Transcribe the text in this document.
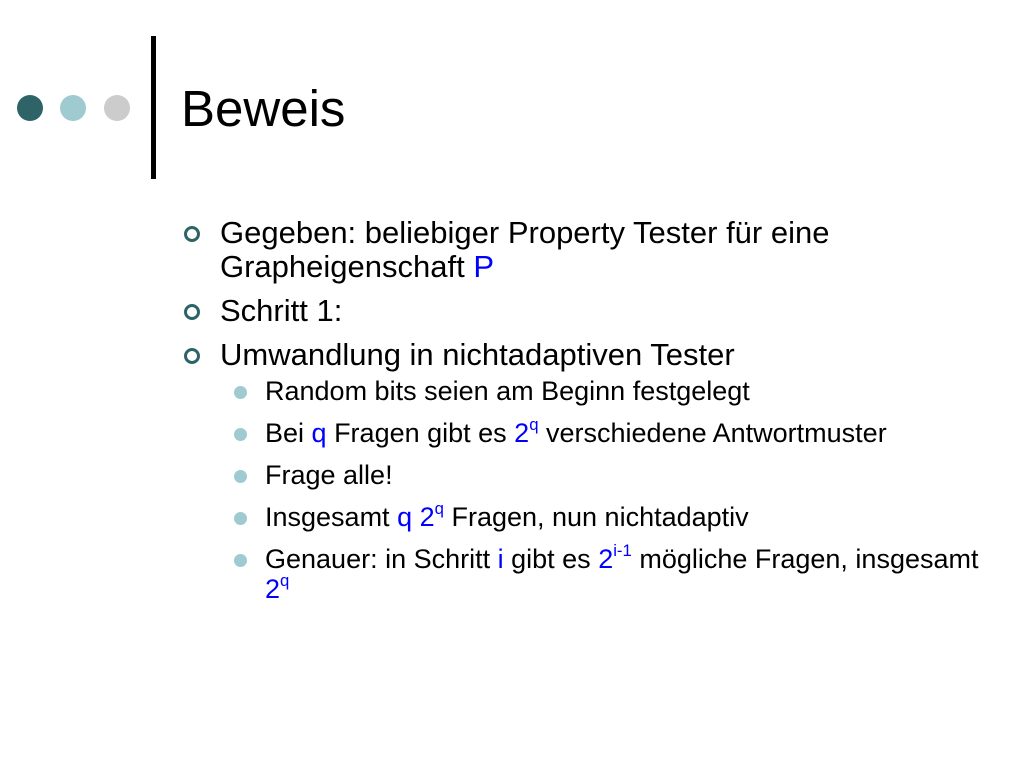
Beweis
Gegeben: beliebiger Property Tester für eine Grapheigenschaft P
Schritt 1:
Umwandlung in nichtadaptiven Tester
Random bits seien am Beginn festgelegt
Bei q Fragen gibt es 2$^q$ verschiedene Antwortmuster
Frage alle!
Insgesamt q 2$^q$ Fragen, nun nichtadaptiv
Genauer: in Schritt i gibt es 2$^{i-1}$ mögliche Fragen, insgesamt 2$^q$
